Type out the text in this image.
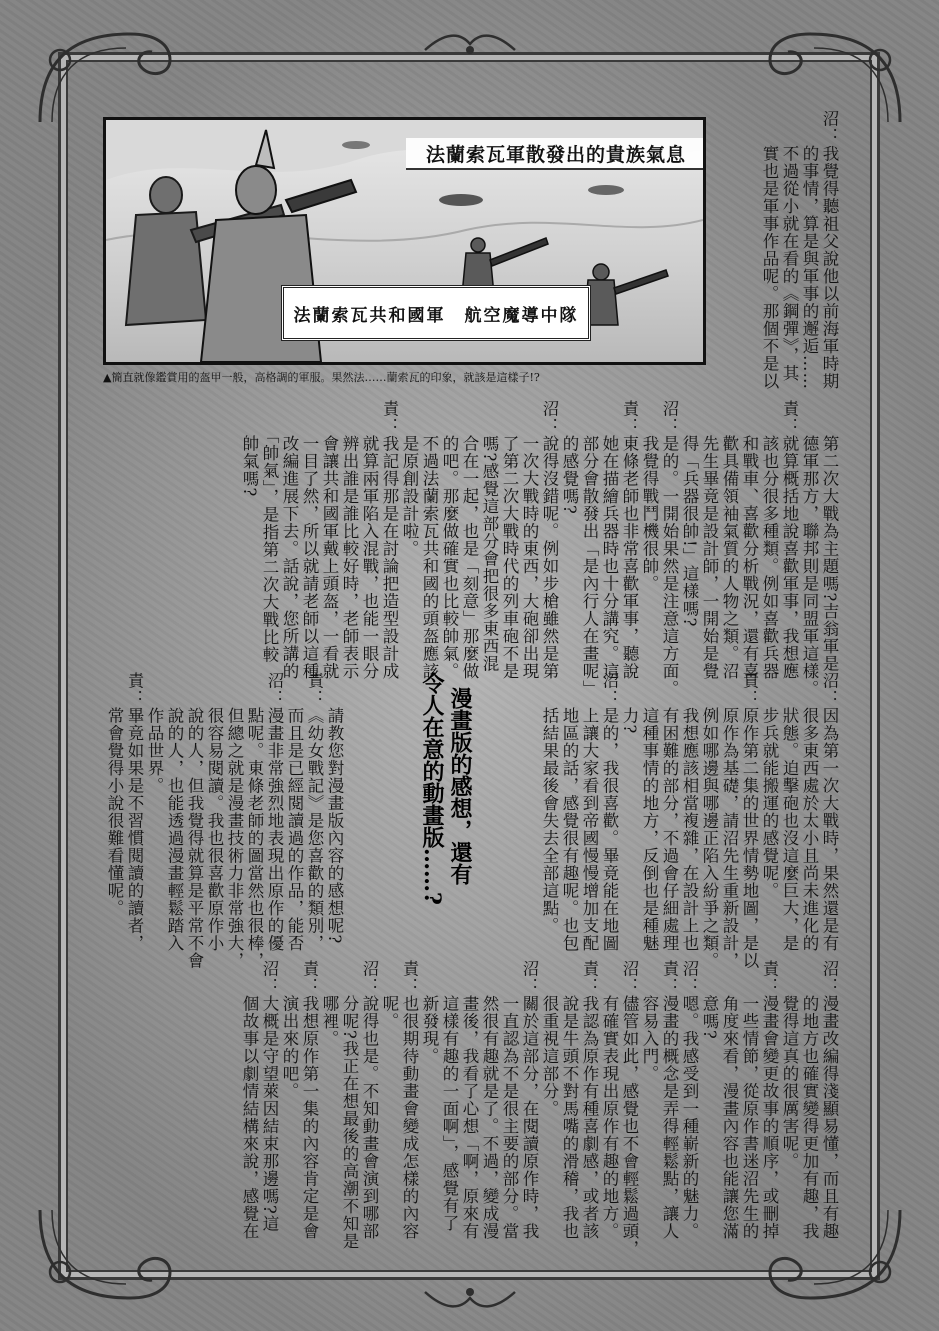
法蘭索瓦軍散發出的貴族氣息
法蘭索瓦共和國軍　航空魔導中隊
▲簡直就像鑑賞用的盔甲一般，高格調的軍服。果然法……蘭索瓦的印象，就該是這樣子!?	沼：我覺得聽祖父說他以前海軍時期
　　的事情，算是與軍事的邂逅……
　　不過從小就在看的《鋼彈》，其
　　實也是軍事作品呢。那個不是以
　　第二次大戰為主題嗎?吉翁軍是
　　德軍那方，聯邦則是同盟軍這樣。
責：就算概括地說喜歡軍事，我想應
　　該也分很多種類。例如喜歡兵器
　　和戰車、喜歡分析戰況，還有喜
　　歡具備領袖氣質的人物之類。沼
　　先生畢竟是設計師，一開始是覺
　　得「兵器很帥!」這樣嗎?
沼：是的。一開始果然是注意這方面。
　　我覺得戰鬥機很帥。
責：東條老師也非常喜歡軍事，聽說
　　她在描繪兵器時也十分講究。這
　　部分會散發出「是內行人在畫呢」
　　的感覺嗎?
沼：說得沒錯呢。例如步槍雖然是第
　　一次大戰時的東西，大砲卻出現
　　了第二次大戰時代的列車砲不是
　　嗎?感覺這部分會把很多東西混
　　合在一起，也是「刻意」那麼做
　　的吧。那麼做確實也比較帥氣。
　　不過法蘭索瓦共和國的頭盔應該
　　是原創設計啦。
責：我記得那是在討論把造型設計成
　　就算兩軍陷入混戰，也能一眼分
　　辨出誰是誰比較好時，老師表示
　　會讓共和國軍戴上頭盔，一看就
　　一目了然，所以就請老師以這種
　　改編進展下去。話說，您所講的
　　「帥氣」，是指第二次大戰比較
　　帥氣嗎?
沼：因為第一次大戰時，果然還是有
　　很多東西處於太小且尚未進化的
　　狀態。迫擊砲也沒這麼巨大，是
　　步兵就能搬運的感覺呢。
責：原作第二集的世界情勢地圖，是以
　　原作為基礎，請沼先生重新設計，
　　例如哪邊與哪邊正陷入紛爭之類。
　　我想應該相當複雜，在設計上也
　　有困難的部分，不過會仔細處理
　　這種事情的地方，反倒也是種魅
　　力?
沼：是的，我很喜歡。畢竟能在地圖
　　上讓大家看到帝國慢慢增加支配
　　地區的話，感覺很有趣呢。也包
　　括結果最後會失去全部這點。

漫畫版的感想，還有
令人在意的動畫版……?

　　請教您對漫畫版內容的感想呢?
責：《幼女戰記》是您喜歡的類別，
　　而且是已經閱讀過的作品，能否
沼：漫畫非常強烈地表現出原作的優
　　點呢。東條老師的圖當然也很棒，
　　但總之就是漫畫技術力非常強大，
　　很容易閱讀。我也很喜歡原作小
　　說的人，但我覺得就算是平常不會
　　說的人，也能透過漫畫輕鬆踏入
　　作品世界。
責：畢竟如果是不習慣閱讀的讀者，
　　常會覺得小說很難看懂呢。
沼：漫畫改編得淺顯易懂，而且有趣
　　的地方也確實變得更加有趣，我
　　覺得這真的很厲害呢。
責：漫畫會變更故事的順序，或刪掉
　　一些情節，從原作書迷沼先生的
　　角度來看，漫畫內容也能讓您滿
　　意嗎?
沼：嗯。我感受到一種嶄新的魅力。
責：漫畫的概念是弄得輕鬆點，讓人
　　容易入門。
沼：儘管如此，感覺也不會輕鬆過頭，
　　有確實表現出原作有趣的地方。
責：我認為原作有種喜劇感，或者該
　　說是牛頭不對馬嘴的滑稽，我也
　　很重視這部分。
沼：關於這部分，在閱讀原作時，我
　　一直認為不是很主要的部分。當
　　然很有趣就是了。不過，變成漫
　　畫後，我看了心想「啊，原來有
　　這樣有趣的一面啊」，感覺有了
　　新發現。
責：也很期待動畫會變成怎樣的內容
　　呢。
沼：說得也是。不知動畫會演到哪部
　　分呢?我正在想最後的高潮不知是
　　哪裡。
責：我想原作第一集的內容肯定是會
　　演出來的吧。
沼：大概是守望萊因結束那邊嗎?這
　　個故事以劇情結構來說，感覺在
